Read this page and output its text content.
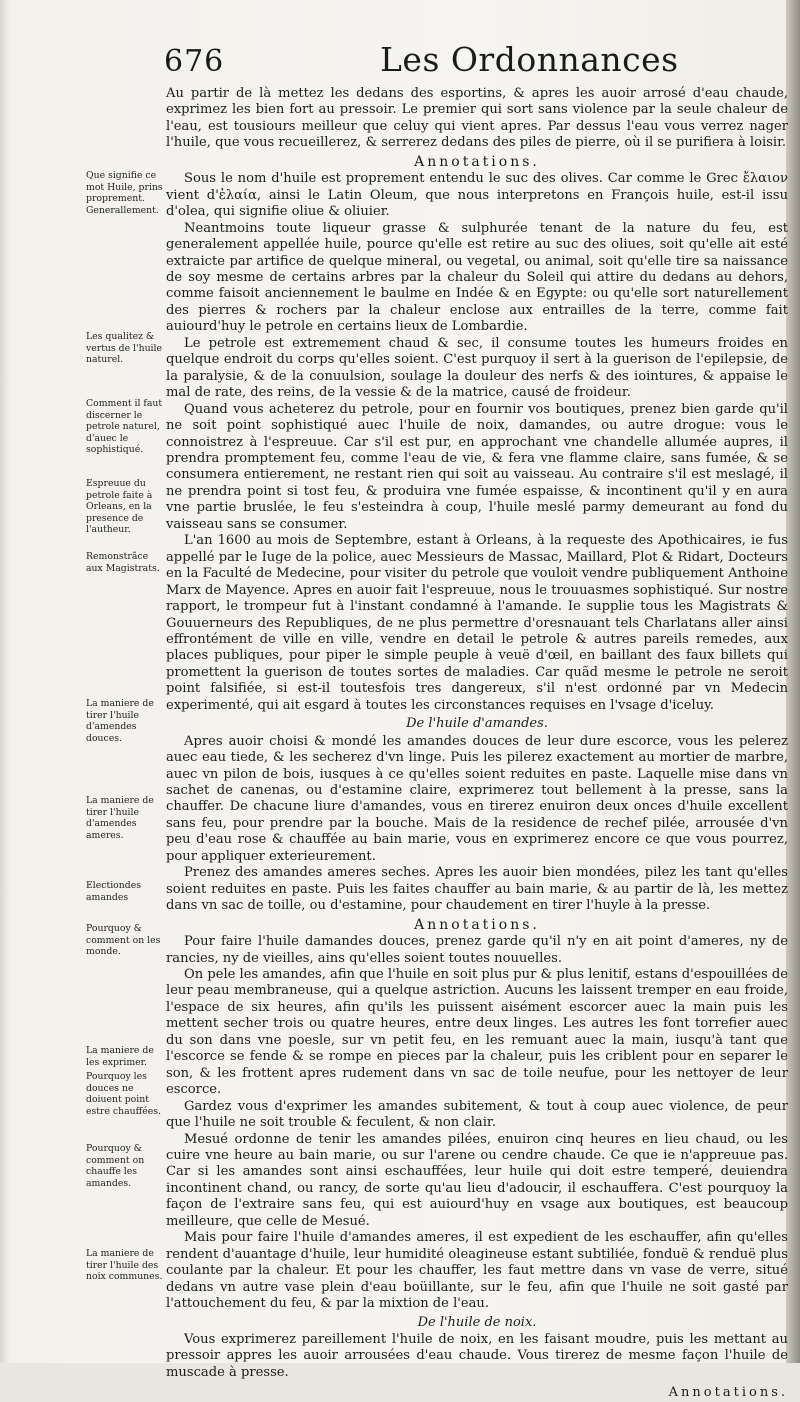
676	Les Ordonnances

Au partir de là mettez les dedans des esportins, & apres les auoir arrosé d'eau chaude, exprimez les bien fort au pressoir. Le premier qui sort sans violence par la seule chaleur de l'eau, est tousiours meilleur que celuy qui vient apres. Par dessus l'eau vous verrez nager l'huile, que vous recueillerez, & serrerez dedans des piles de pierre, où il se purifiera à loisir.

Annotations.

Sous le nom d'huile est proprement entendu le suc des olives. Car comme le Grec ἔλαιον vient d'ἐλαία, ainsi le Latin Oleum, que nous interpretons en François huile, est-il issu d'olea, qui signifie oliue & oliuier.

Neantmoins toute liqueur grasse & sulphurée tenant de la nature du feu, est generalement appellée huile, pource qu'elle est retire au suc des oliues, soit qu'elle ait esté extraicte par artifice de quelque mineral, ou vegetal, ou animal, soit qu'elle tire sa naissance de soy mesme de certains arbres par la chaleur du Soleil qui attire du dedans au dehors, comme faisoit anciennement le baulme en Indée & en Egypte: ou qu'elle sort naturellement des pierres & rochers par la chaleur enclose aux entrailles de la terre, comme fait auiourd'huy le petrole en certains lieux de Lombardie.

Le petrole est extremement chaud & sec, il consume toutes les humeurs froides en quelque endroit du corps qu'elles soient. C'est purquoy il sert à la guerison de l'epilepsie, de la paralysie, & de la conuulsion, soulage la douleur des nerfs & des iointures, & appaise le mal de rate, des reins, de la vessie & de la matrice, causé de froideur.

Quand vous acheterez du petrole, pour en fournir vos boutiques, prenez bien garde qu'il ne soit point sophistiqué auec l'huile de noix, damandes, ou autre drogue: vous le connoistrez à l'espreuue. Car s'il est pur, en approchant vne chandelle allumée aupres, il prendra promptement feu, comme l'eau de vie, & fera vne flamme claire, sans fumée, & se consumera entierement, ne restant rien qui soit au vaisseau. Au contraire s'il est meslagé, il ne prendra point si tost feu, & produira vne fumée espaisse, & incontinent qu'il y en aura vne partie bruslée, le feu s'esteindra à coup, l'huile meslé parmy demeurant au fond du vaisseau sans se consumer.

L'an 1600 au mois de Septembre, estant à Orleans, à la requeste des Apothicaires, ie fus appellé par le Iuge de la police, auec Messieurs de Massac, Maillard, Plot & Ridart, Docteurs en la Faculté de Medecine, pour visiter du petrole que vouloit vendre publiquement Anthoine Marx de Mayence. Apres en auoir fait l'espreuue, nous le trouuasmes sophistiqué. Sur nostre rapport, le trompeur fut à l'instant condamné à l'amande. Ie supplie tous les Magistrats & Gouuerneurs des Republiques, de ne plus permettre d'oresnauant tels Charlatans aller ainsi effrontément de ville en ville, vendre en detail le petrole & autres pareils remedes, aux places publiques, pour piper le simple peuple à veuë d'œil, en baillant des faux billets qui promettent la guerison de toutes sortes de maladies. Car quãd mesme le petrole ne seroit point falsifiée, si est-il toutesfois tres dangereux, s'il n'est ordonné par vn Medecin experimenté, qui ait esgard à toutes les circonstances requises en l'vsage d'iceluy.

De l'huile d'amandes.

Apres auoir choisi & mondé les amandes douces de leur dure escorce, vous les pelerez auec eau tiede, & les secherez d'vn linge. Puis les pilerez exactement au mortier de marbre, auec vn pilon de bois, iusques à ce qu'elles soient reduites en paste. Laquelle mise dans vn sachet de canenas, ou d'estamine claire, exprimerez tout bellement à la presse, sans la chauffer. De chacune liure d'amandes, vous en tirerez enuiron deux onces d'huile excellent sans feu, pour prendre par la bouche. Mais de la residence de rechef pilée, arrousée d'vn peu d'eau rose & chauffée au bain marie, vous en exprimerez encore ce que vous pourrez, pour appliquer exterieurement.

Prenez des amandes ameres seches. Apres les auoir bien mondées, pilez les tant qu'elles soient reduites en paste. Puis les faites chauffer au bain marie, & au partir de là, les mettez dans vn sac de toille, ou d'estamine, pour chaudement en tirer l'huyle à la presse.

Annotations.

Pour faire l'huile damandes douces, prenez garde qu'il n'y en ait point d'ameres, ny de rancies, ny de vieilles, ains qu'elles soient toutes nouuelles.

On pele les amandes, afin que l'huile en soit plus pur & plus lenitif, estans d'espouillées de leur peau membraneuse, qui a quelque astriction. Aucuns les laissent tremper en eau froide, l'espace de six heures, afin qu'ils les puissent aisément escorcer auec la main puis les mettent secher trois ou quatre heures, entre deux linges. Les autres les font torrefier auec du son dans vne poesle, sur vn petit feu, en les remuant auec la main, iusqu'à tant que l'escorce se fende & se rompe en pieces par la chaleur, puis les criblent pour en separer le son, & les frottent apres rudement dans vn sac de toile neufue, pour les nettoyer de leur escorce.

Gardez vous d'exprimer les amandes subitement, & tout à coup auec violence, de peur que l'huile ne soit trouble & feculent, & non clair.

Mesué ordonne de tenir les amandes pilées, enuiron cinq heures en lieu chaud, ou les cuire vne heure au bain marie, ou sur l'arene ou cendre chaude. Ce que ie n'appreuue pas. Car si les amandes sont ainsi eschauffées, leur huile qui doit estre temperé, deuiendra incontinent chand, ou rancy, de sorte qu'au lieu d'adoucir, il eschauffera. C'est pourquoy la façon de l'extraire sans feu, qui est auiourd'huy en vsage aux boutiques, est beaucoup meilleure, que celle de Mesué.

Mais pour faire l'huile d'amandes ameres, il est expedient de les eschauffer, afin qu'elles rendent d'auantage d'huile, leur humidité oleagineuse estant subtiliée, fonduë & renduë plus coulante par la chaleur. Et pour les chauffer, les faut mettre dans vn vase de verre, situé dedans vn autre vase plein d'eau boüillante, sur le feu, afin que l'huile ne soit gasté par l'attouchement du feu, & par la mixtion de l'eau.

De l'huile de noix.

Vous exprimerez pareillement l'huile de noix, en les faisant moudre, puis les mettant au pressoir appres les auoir arrousées d'eau chaude. Vous tirerez de mesme façon l'huile de muscade à presse.

Annotations.
Que signifie ce mot Huile, prins proprement. Generallement.
Les qualitez & vertus de l'huile naturel.
Comment il faut discerner le petrole naturel, d'auec le sophistiqué.
Espreuue du petrole faite à Orleans, en la presence de l'autheur.
Remonstrãce aux Magistrats.
La maniere de tirer l'huile d'amendes douces.
La maniere de tirer l'huile d'amendes ameres.
Electiondes amandes
Pourquoy & comment on les monde.
La maniere de les exprimer.
Pourquoy les douces ne doiuent point estre chauffées.
Pourquoy & comment on chauffe les amandes.
La maniere de tirer l'huile des noix communes.
